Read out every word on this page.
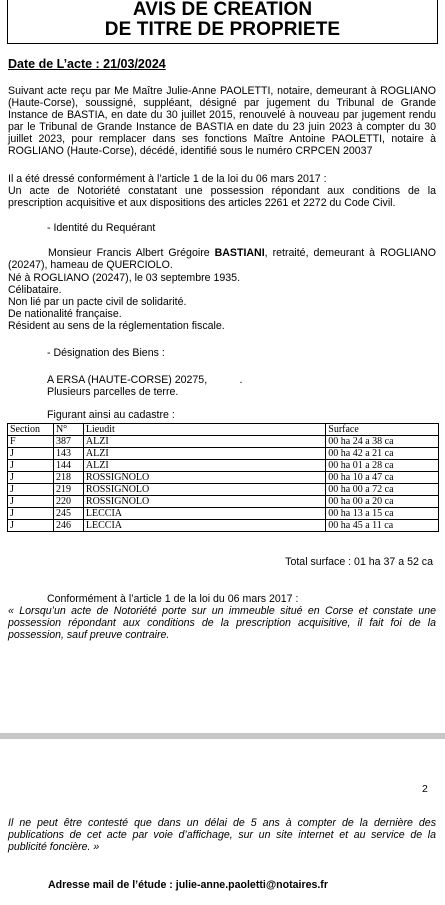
AVIS DE CREATION
DE TITRE DE PROPRIETE
Date de L’acte : 21/03/2024
Suivant acte reçu par Me Maître Julie-Anne PAOLETTI, notaire, demeurant à ROGLIANO (Haute-Corse), soussigné, suppléant, désigné par jugement du Tribunal de Grande Instance de BASTIA, en date du 30 juillet 2015, renouvelé à nouveau par jugement rendu par le Tribunal de Grande Instance de BASTIA en date du 23 juin 2023 à compter du 30 juillet 2023, pour remplacer dans ses fonctions Maître Antoine PAOLETTI, notaire à ROGLIANO (Haute-Corse), décédé, identifié sous le numéro CRPCEN 20037
Il a été dressé conformément à l’article 1 de la loi du 06 mars 2017 :
Un acte de Notoriété constatant une possession répondant aux conditions de la prescription acquisitive et aux dispositions des articles 2261 et 2272 du Code Civil.
- Identité du Requérant
Monsieur Francis Albert Grégoire BASTIANI, retraité, demeurant à ROGLIANO (20247), hameau de QUERCIOLO.
Né à ROGLIANO (20247), le 03 septembre 1935.
Célibataire.
Non lié par un pacte civil de solidarité.
De nationalité française.
Résident au sens de la réglementation fiscale.
- Désignation des Biens :
A ERSA (HAUTE-CORSE) 20275,           .
Plusieurs parcelles de terre.
Figurant ainsi au cadastre :
Section	N°	Lieudit	Surface
F	387	ALZI	00 ha 24 a 38 ca
J	143	ALZI	00 ha 42 a 21 ca
J	144	ALZI	00 ha 01 a 28 ca
J	218	ROSSIGNOLO	00 ha 10 a 47 ca
J	219	ROSSIGNOLO	00 ha 00 a 72 ca
J	220	ROSSIGNOLO	00 ha 00 a 20 ca
J	245	LECCIA	00 ha 13 a 15 ca
J	246	LECCIA	00 ha 45 a 11 ca
Total surface : 01 ha 37 a 52 ca
Conformément à l’article 1 de la loi du 06 mars 2017 :
« Lorsqu’un acte de Notoriété porte sur un immeuble situé en Corse et constate une possession répondant aux conditions de la prescription acquisitive, il fait foi de la possession, sauf preuve contraire.
2
Il ne peut être contesté que dans un délai de 5 ans à compter de la dernière des publications de cet acte par voie d’affichage, sur un site internet et au service de la publicité foncière. »
Adresse mail de l’étude : julie-anne.paoletti@notaires.fr
